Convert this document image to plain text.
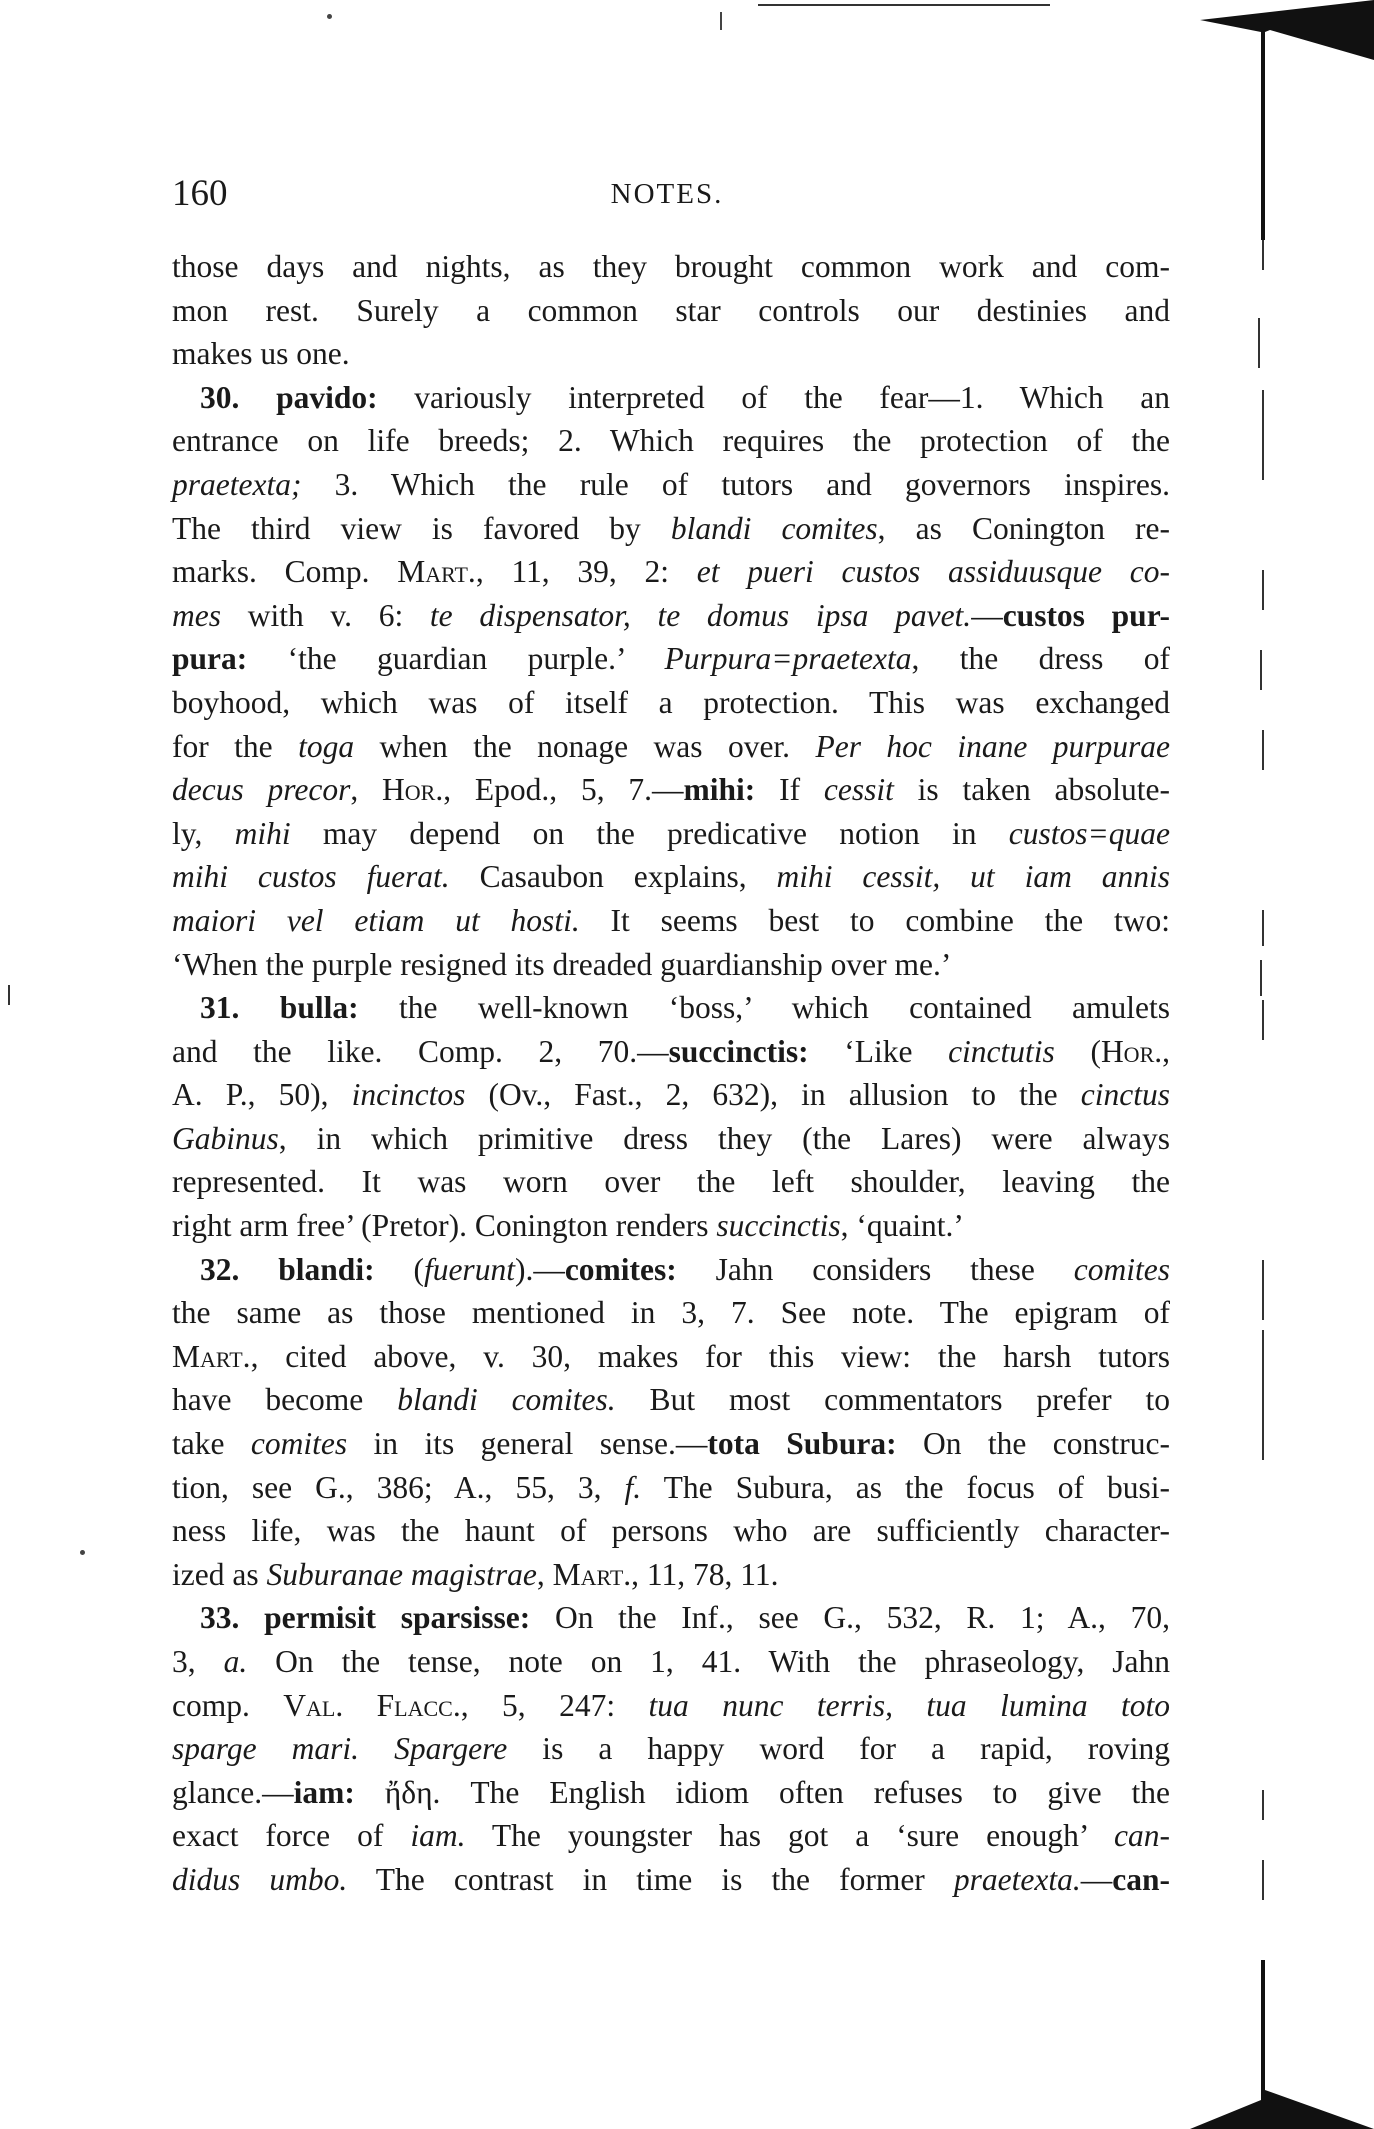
160	NOTES.
those days and nights, as they brought common work and com-
mon rest. Surely a common star controls our destinies and
makes us one.
30. pavido: variously interpreted of the fear—1. Which an
entrance on life breeds; 2. Which requires the protection of the
praetexta; 3. Which the rule of tutors and governors inspires.
The third view is favored by blandi comites, as Conington re-
marks. Comp. Mart., 11, 39, 2: et pueri custos assiduusque co-
mes with v. 6: te dispensator, te domus ipsa pavet.—custos pur-
pura: ‘the guardian purple.’ Purpura=praetexta, the dress of
boyhood, which was of itself a protection. This was exchanged
for the toga when the nonage was over. Per hoc inane purpurae
decus precor, Hor., Epod., 5, 7.—mihi: If cessit is taken absolute-
ly, mihi may depend on the predicative notion in custos=quae
mihi custos fuerat. Casaubon explains, mihi cessit, ut iam annis
maiori vel etiam ut hosti. It seems best to combine the two:
‘When the purple resigned its dreaded guardianship over me.’
31. bulla: the well-known ‘boss,’ which contained amulets
and the like. Comp. 2, 70.—succinctis: ‘Like cinctutis (Hor.,
A. P., 50), incinctos (Ov., Fast., 2, 632), in allusion to the cinctus
Gabinus, in which primitive dress they (the Lares) were always
represented. It was worn over the left shoulder, leaving the
right arm free’ (Pretor). Conington renders succinctis, ‘quaint.’
32. blandi: (fuerunt).—comites: Jahn considers these comites
the same as those mentioned in 3, 7. See note. The epigram of
Mart., cited above, v. 30, makes for this view: the harsh tutors
have become blandi comites. But most commentators prefer to
take comites in its general sense.—tota Subura: On the construc-
tion, see G., 386; A., 55, 3, f. The Subura, as the focus of busi-
ness life, was the haunt of persons who are sufficiently character-
ized as Suburanae magistrae, Mart., 11, 78, 11.
33. permisit sparsisse: On the Inf., see G., 532, R. 1; A., 70,
3, a. On the tense, note on 1, 41. With the phraseology, Jahn
comp. Val. Flacc., 5, 247: tua nunc terris, tua lumina toto
sparge mari. Spargere is a happy word for a rapid, roving
glance.—iam: ἤδη. The English idiom often refuses to give the
exact force of iam. The youngster has got a ‘sure enough’ can-
didus umbo. The contrast in time is the former praetexta.—can-
